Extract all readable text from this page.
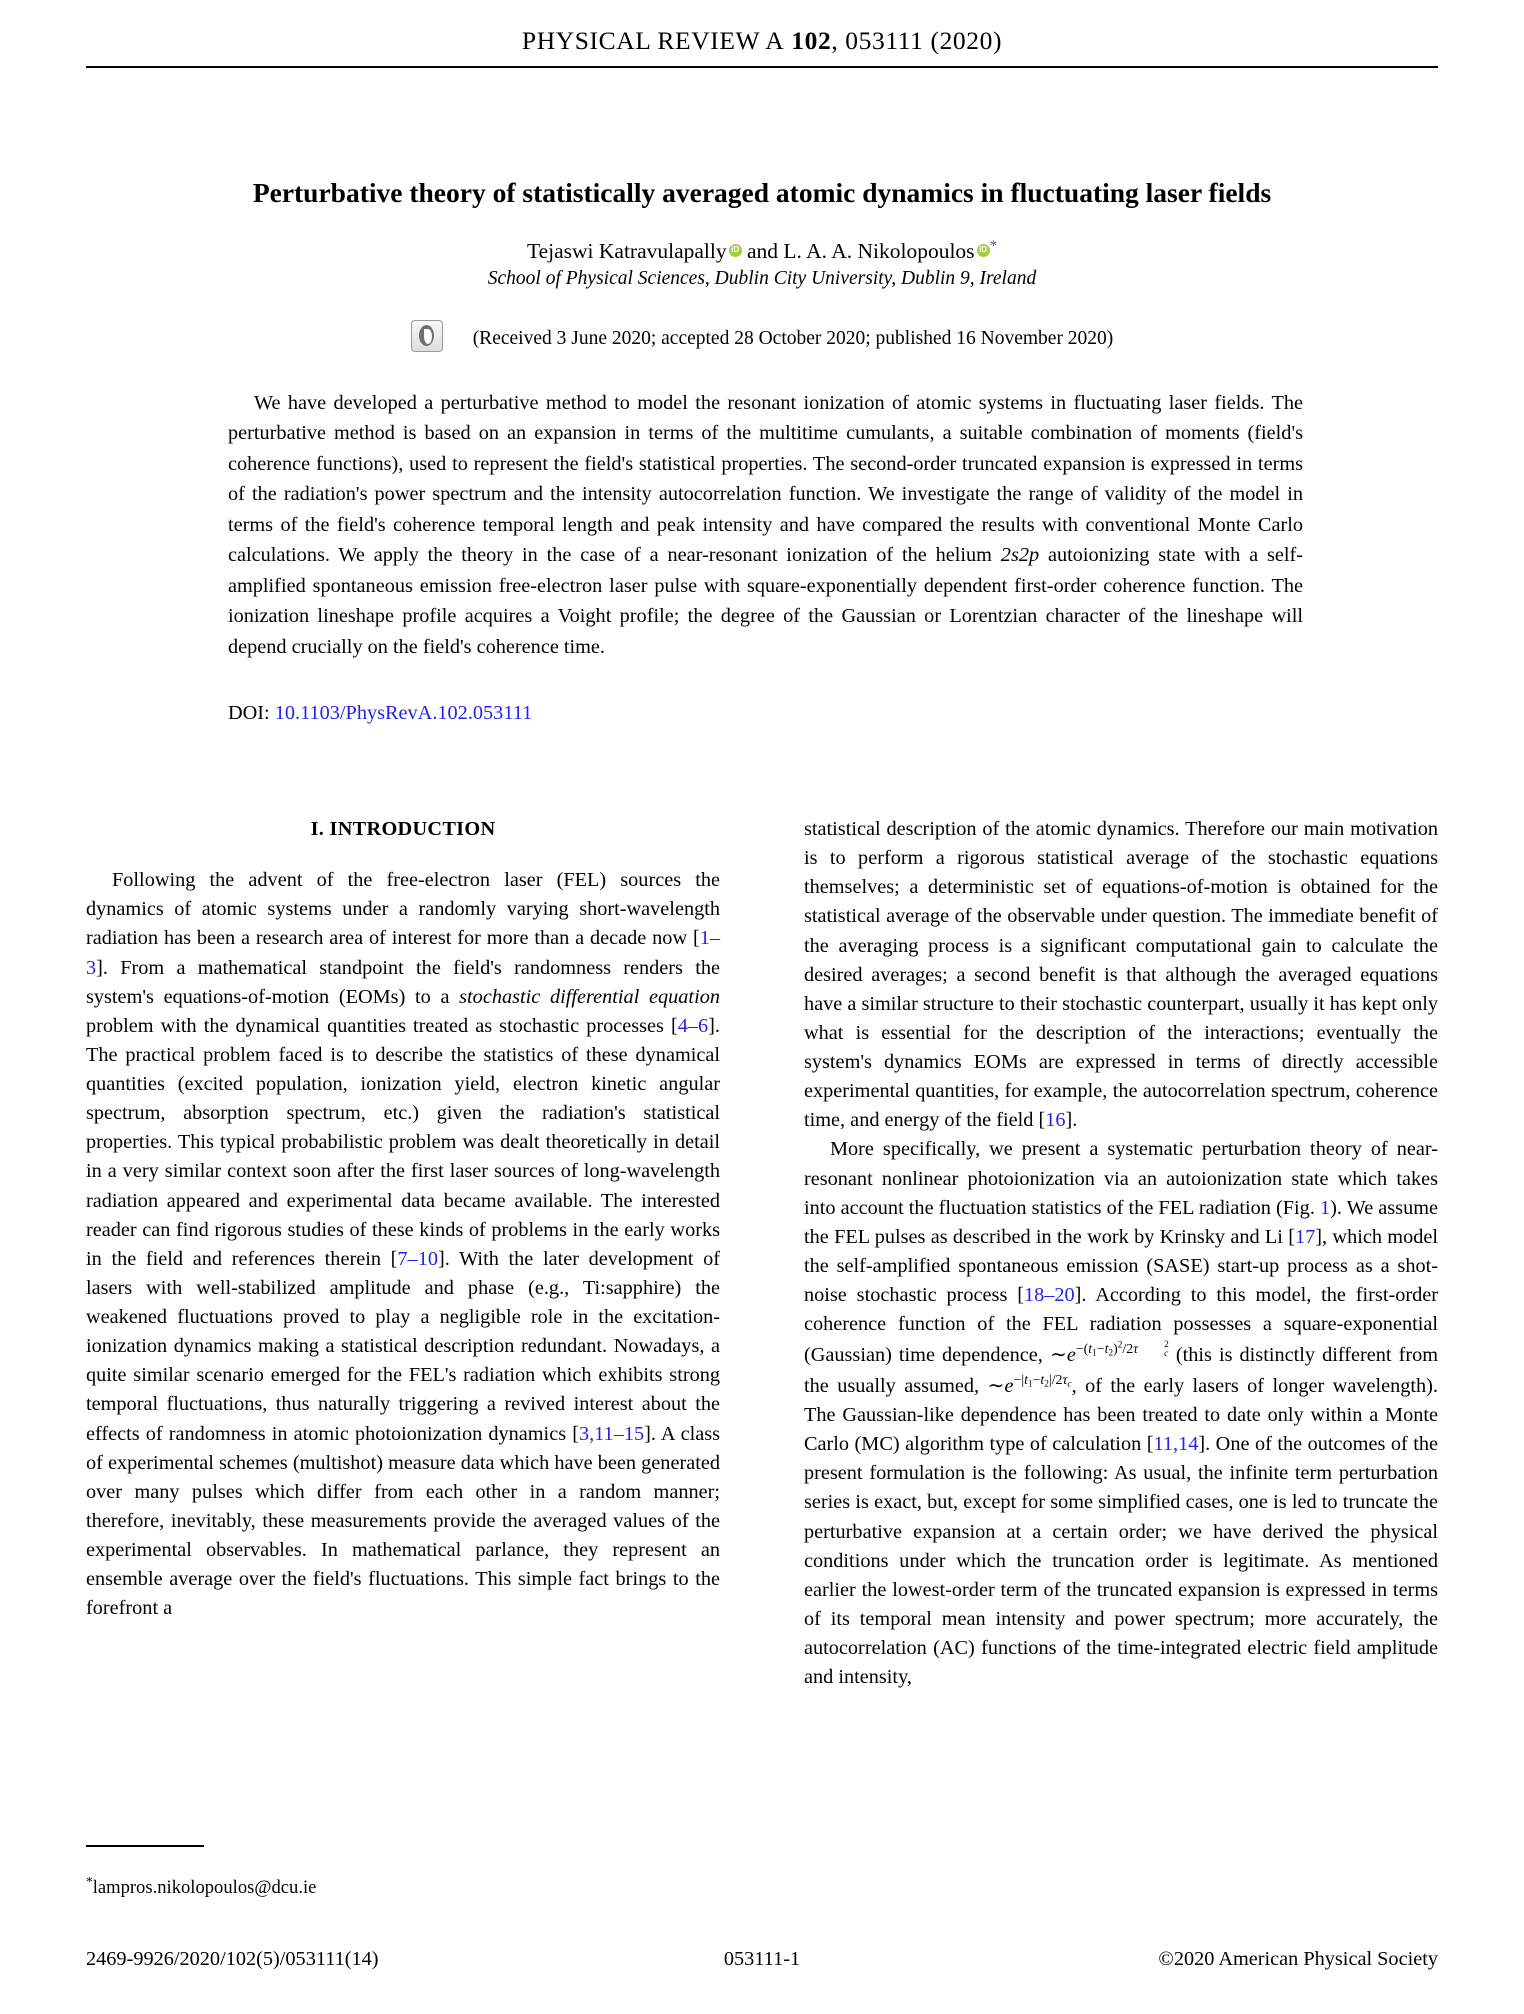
PHYSICAL REVIEW A 102, 053111 (2020)
Perturbative theory of statistically averaged atomic dynamics in fluctuating laser fields
Tejaswi KatravulapallyiD and L. A. A. Nikolopoulos iD *
School of Physical Sciences, Dublin City University, Dublin 9, Ireland
(Received 3 June 2020; accepted 28 October 2020; published 16 November 2020)
We have developed a perturbative method to model the resonant ionization of atomic systems in fluctuating laser fields. The perturbative method is based on an expansion in terms of the multitime cumulants, a suitable combination of moments (field's coherence functions), used to represent the field's statistical properties. The second-order truncated expansion is expressed in terms of the radiation's power spectrum and the intensity autocorrelation function. We investigate the range of validity of the model in terms of the field's coherence temporal length and peak intensity and have compared the results with conventional Monte Carlo calculations. We apply the theory in the case of a near-resonant ionization of the helium 2s2p autoionizing state with a self-amplified spontaneous emission free-electron laser pulse with square-exponentially dependent first-order coherence function. The ionization lineshape profile acquires a Voight profile; the degree of the Gaussian or Lorentzian character of the lineshape will depend crucially on the field's coherence time.
DOI: 10.1103/PhysRevA.102.053111
I. INTRODUCTION

Following the advent of the free-electron laser (FEL) sources the dynamics of atomic systems under a randomly varying short-wavelength radiation has been a research area of interest for more than a decade now [1–3]. From a mathematical standpoint the field's randomness renders the system's equations-of-motion (EOMs) to a stochastic differential equation problem with the dynamical quantities treated as stochastic processes [4–6]. The practical problem faced is to describe the statistics of these dynamical quantities (excited population, ionization yield, electron kinetic angular spectrum, absorption spectrum, etc.) given the radiation's statistical properties. This typical probabilistic problem was dealt theoretically in detail in a very similar context soon after the first laser sources of long-wavelength radiation appeared and experimental data became available. The interested reader can find rigorous studies of these kinds of problems in the early works in the field and references therein [7–10]. With the later development of lasers with well-stabilized amplitude and phase (e.g., Ti:sapphire) the weakened fluctuations proved to play a negligible role in the excitation-ionization dynamics making a statistical description redundant. Nowadays, a quite similar scenario emerged for the FEL's radiation which exhibits strong temporal fluctuations, thus naturally triggering a revived interest about the effects of randomness in atomic photoionization dynamics [3,11–15]. A class of experimental schemes (multishot) measure data which have been generated over many pulses which differ from each other in a random manner; therefore, inevitably, these measurements provide the averaged values of the experimental observables. In mathematical parlance, they represent an ensemble average over the field's fluctuations. This simple fact brings to the forefront a

statistical description of the atomic dynamics. Therefore our main motivation is to perform a rigorous statistical average of the stochastic equations themselves; a deterministic set of equations-of-motion is obtained for the statistical average of the observable under question. The immediate benefit of the averaging process is a significant computational gain to calculate the desired averages; a second benefit is that although the averaged equations have a similar structure to their stochastic counterpart, usually it has kept only what is essential for the description of the interactions; eventually the system's dynamics EOMs are expressed in terms of directly accessible experimental quantities, for example, the autocorrelation spectrum, coherence time, and energy of the field [16].

More specifically, we present a systematic perturbation theory of near-resonant nonlinear photoionization via an autoionization state which takes into account the fluctuation statistics of the FEL radiation (Fig. 1). We assume the FEL pulses as described in the work by Krinsky and Li [17], which model the self-amplified spontaneous emission (SASE) start-up process as a shot-noise stochastic process [18–20]. According to this model, the first-order coherence function of the FEL radiation possesses a square-exponential (Gaussian) time dependence, $\sim e^{-(t_1-t_2)^2/2\tau 2 c}$ (this is distinctly different from the usually assumed, $\sim e^{-|t_1-t_2|/2\tau_c}$, of the early lasers of longer wavelength). The Gaussian-like dependence has been treated to date only within a Monte Carlo (MC) algorithm type of calculation [11,14]. One of the outcomes of the present formulation is the following: As usual, the infinite term perturbation series is exact, but, except for some simplified cases, one is led to truncate the perturbative expansion at a certain order; we have derived the physical conditions under which the truncation order is legitimate. As mentioned earlier the lowest-order term of the truncated expansion is expressed in terms of its temporal mean intensity and power spectrum; more accurately, the autocorrelation (AC) functions of the time-integrated electric field amplitude and intensity,

*lampros.nikolopoulos@dcu.ie
2469-9926/2020/102(5)/053111(14)	053111-1	©2020 American Physical Society
